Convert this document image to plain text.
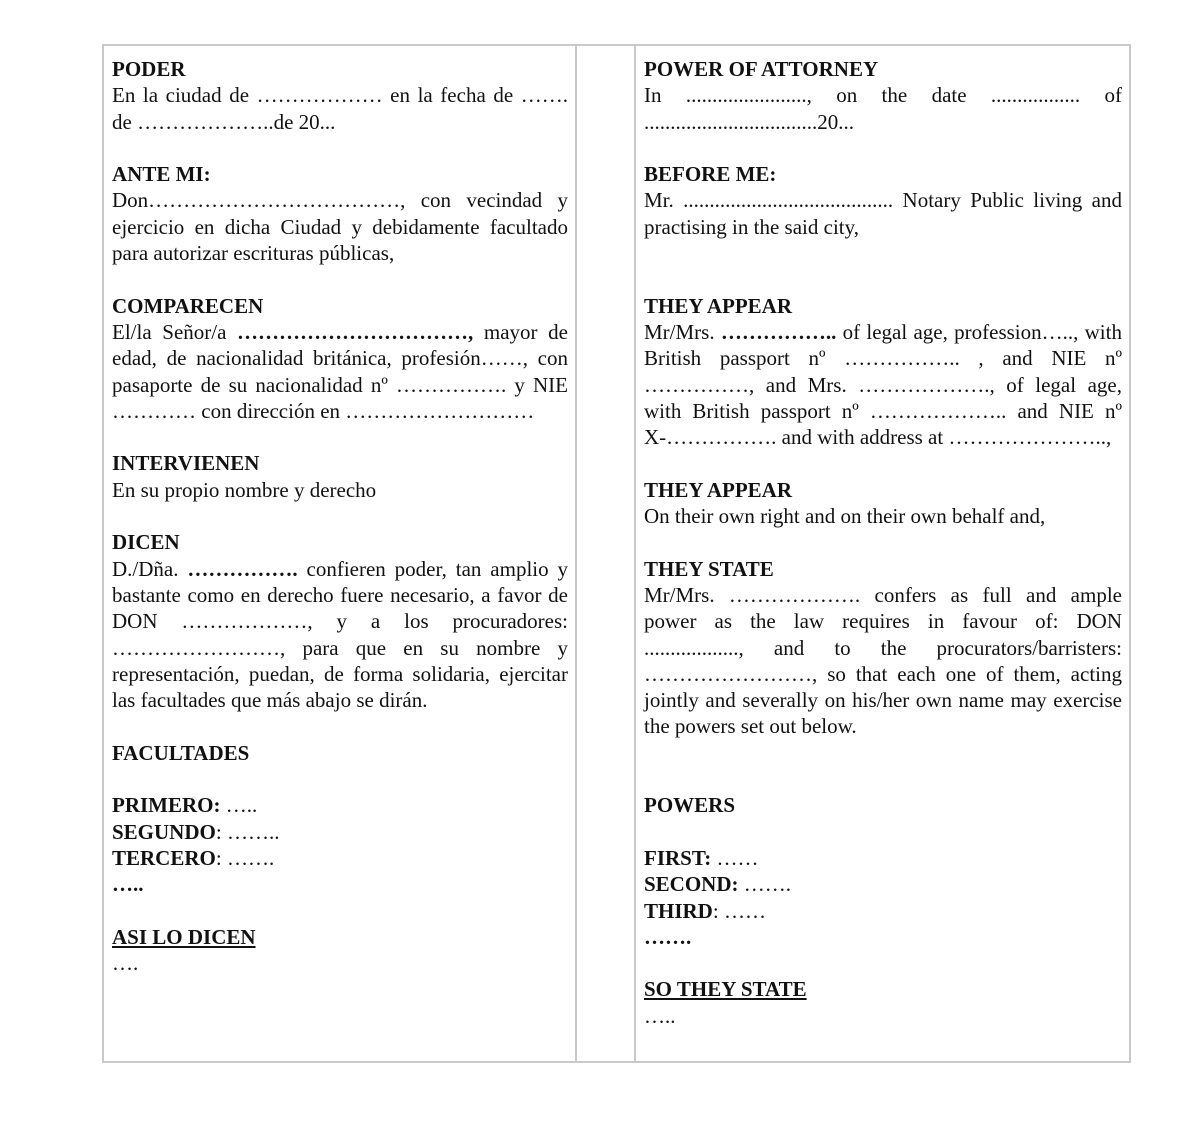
PODER

En la ciudad de ……………… en la fecha de ……. de ………………..de 20...

ANTE MI:

Don………………………………, con vecindad y ejercicio en dicha Ciudad y debidamente facultado para autorizar escrituras públicas,

COMPARECEN

El/la Señor/a ……………………………, mayor de edad, de nacionalidad británica, profesión……, con pasaporte de su nacionalidad nº ……………. y NIE ………… con dirección en ………………………

INTERVIENEN

En su propio nombre y derecho

DICEN

D./Dña. ……………. confieren poder, tan amplio y bastante como en derecho fuere necesario, a favor de DON ………………, y a los procuradores: ……………………, para que en su nombre y representación, puedan, de forma solidaria, ejercitar las facultades que más abajo se dirán.

FACULTADES

PRIMERO: …..

SEGUNDO: ……..

TERCERO: …….

…..

ASI LO DICEN

….

POWER OF ATTORNEY

In ......................., on the date ................. of .................................20...

BEFORE ME:

Mr. ........................................ Notary Public living and practising in the said city,

THEY APPEAR

Mr/Mrs. …………….. of legal age, profession….., with British passport nº …………….. , and NIE nº ……………, and Mrs. ………………., of legal age, with British passport nº ……………….. and NIE nº X-……………. and with address at …………………..,

THEY APPEAR

On their own right and on their own behalf and,

THEY STATE

Mr/Mrs. ………………. confers as full and ample power as the law requires in favour of: DON .................., and to the procurators/barristers: ……………………, so that each one of them, acting jointly and severally on his/her own name may exercise the powers set out below.

POWERS

FIRST: ……

SECOND: …….

THIRD: ……

…….

SO THEY STATE

…..
